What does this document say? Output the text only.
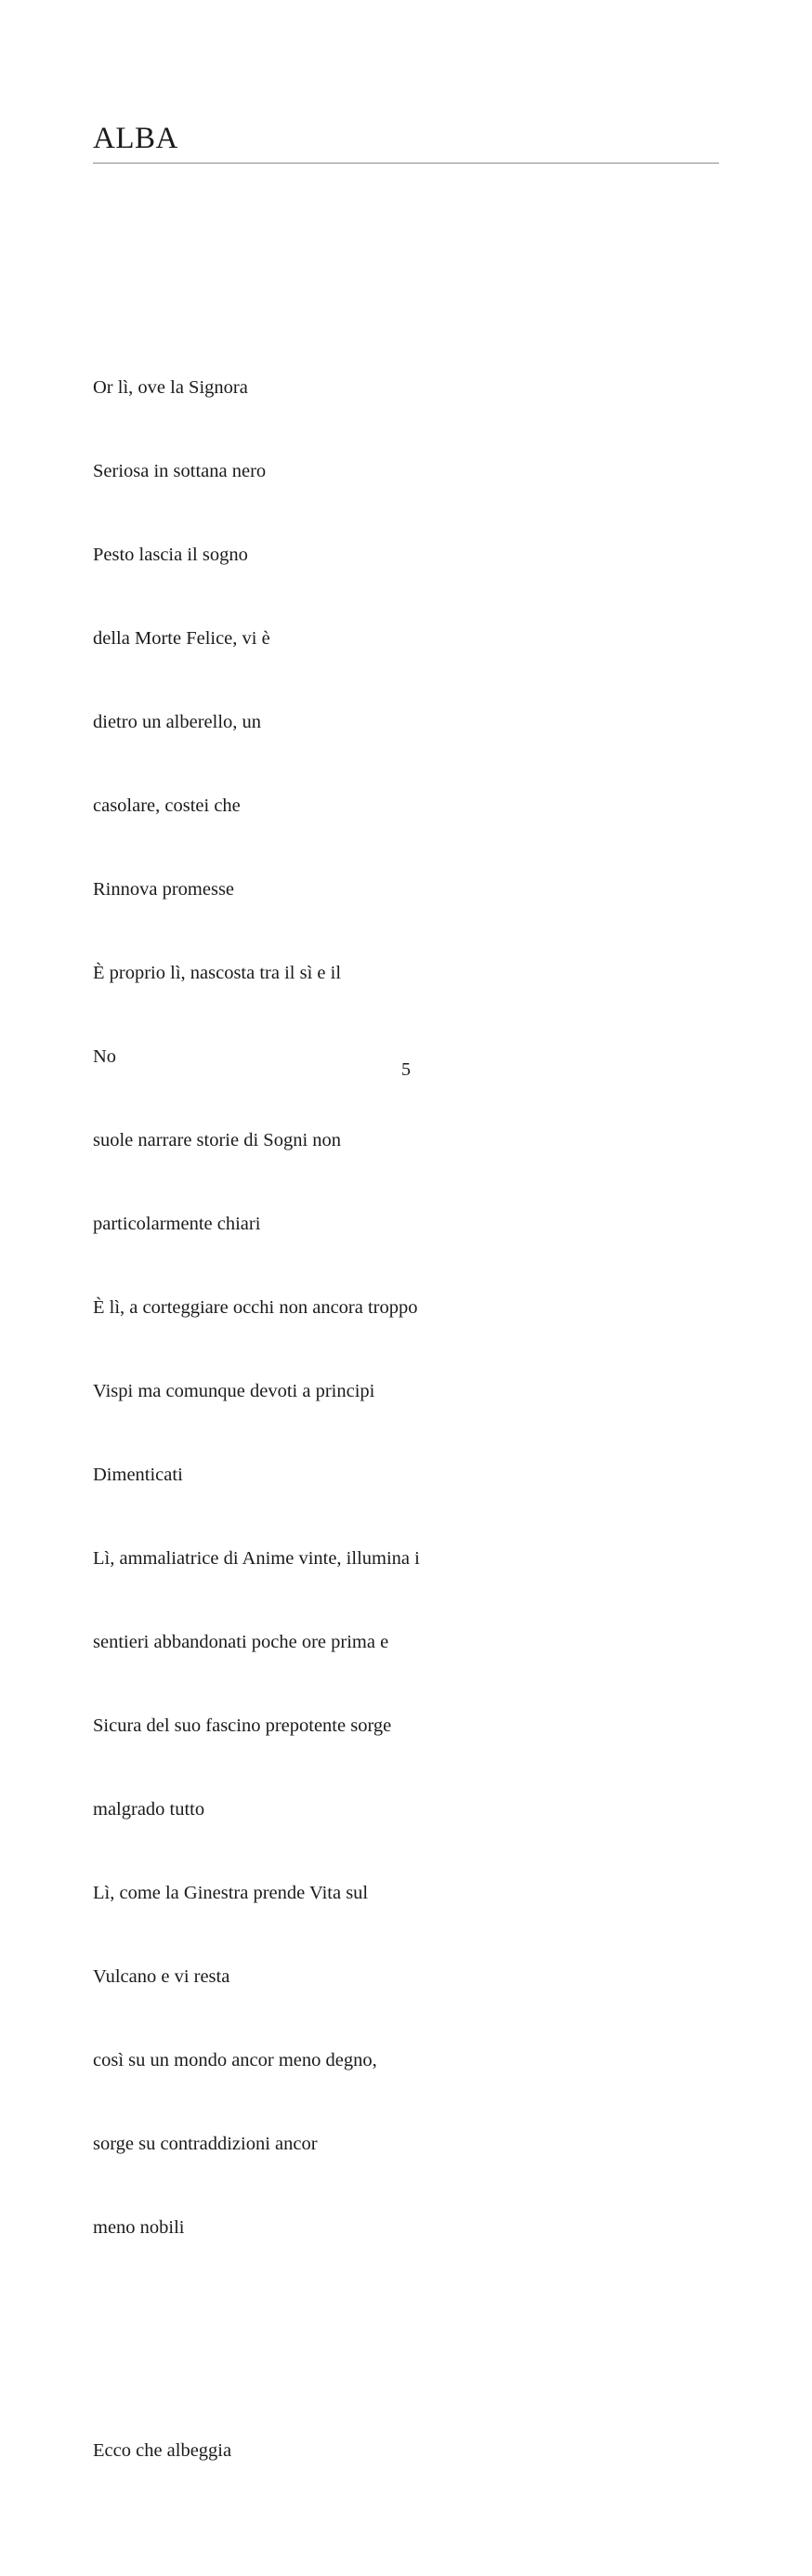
ALBA

Or lì, ove la Signora

Seriosa in sottana nero

Pesto lascia il sogno

della Morte Felice, vi è

dietro un alberello, un

casolare, costei che

Rinnova promesse

È proprio lì, nascosta tra il sì e il

No

suole narrare storie di Sogni non

particolarmente chiari

È lì, a corteggiare occhi non ancora troppo

Vispi ma comunque devoti a principi

Dimenticati

Lì, ammaliatrice di Anime vinte, illumina i

sentieri abbandonati poche ore prima e

Sicura del suo fascino prepotente sorge

malgrado tutto

Lì, come la Ginestra prende Vita sul

Vulcano e vi resta

così su un mondo ancor meno degno,

sorge su contraddizioni ancor

meno nobili

Ecco che albeggia

5
